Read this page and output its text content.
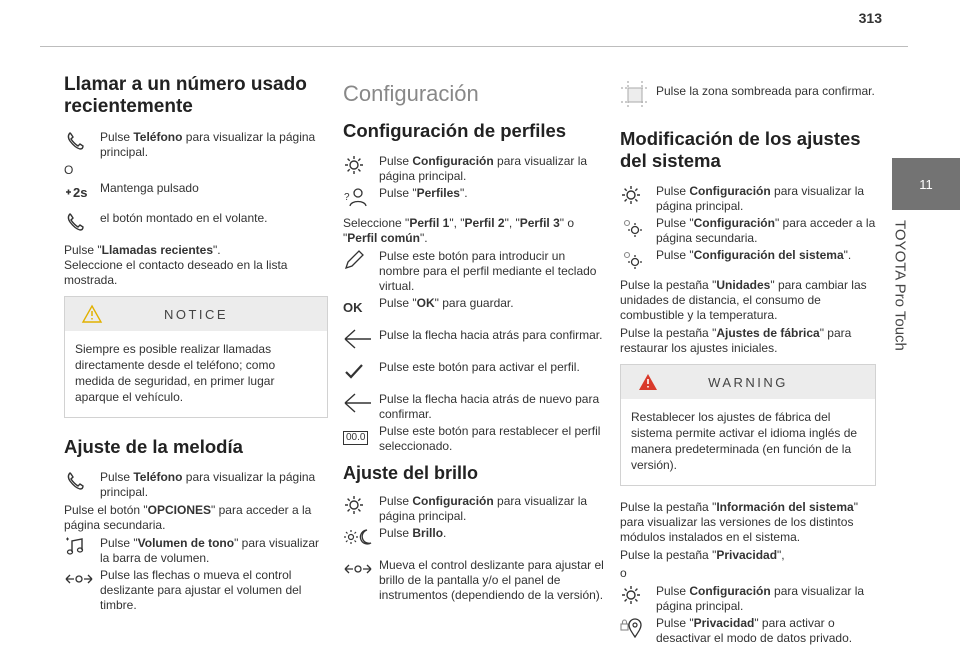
313
11
TOYOTA Pro Touch
Llamar a un número usado recientemente
Pulse Teléfono para visualizar la página principal.
O
2s Mantenga pulsado
el botón montado en el volante.
Pulse "Llamadas recientes".
Seleccione el contacto deseado en la lista mostrada.
NOTICE
Siempre es posible realizar llamadas directamente desde el teléfono; como medida de seguridad, en primer lugar aparque el vehículo.
Ajuste de la melodía
Pulse Teléfono para visualizar la página principal.
Pulse el botón "OPCIONES" para acceder a la página secundaria.
Pulse "Volumen de tono" para visualizar la barra de volumen.
Pulse las flechas o mueva el control deslizante para ajustar el volumen del timbre.
Configuración
Configuración de perfiles
Pulse Configuración para visualizar la página principal.
? Pulse "Perfiles".
Seleccione "Perfil 1", "Perfil 2", "Perfil 3" o "Perfil común".
Pulse este botón para introducir un nombre para el perfil mediante el teclado virtual.
OK	Pulse "OK" para guardar.
Pulse la flecha hacia atrás para confirmar.
Pulse este botón para activar el perfil.
Pulse la flecha hacia atrás de nuevo para confirmar.
00.0 Pulse este botón para restablecer el perfil seleccionado.
Ajuste del brillo
Pulse Configuración para visualizar la página principal.
Pulse Brillo.
Mueva el control deslizante para ajustar el brillo de la pantalla y/o el panel de instrumentos (dependiendo de la versión).
Pulse la zona sombreada para confirmar.
Modificación de los ajustes del sistema
Pulse Configuración para visualizar la página principal.
Pulse "Configuración" para acceder a la página secundaria.
Pulse "Configuración del sistema".
Pulse la pestaña "Unidades" para cambiar las unidades de distancia, el consumo de combustible y la temperatura.
Pulse la pestaña "Ajustes de fábrica" para restaurar los ajustes iniciales.
WARNING
Restablecer los ajustes de fábrica del sistema permite activar el idioma inglés de manera predeterminada (en función de la versión).
Pulse la pestaña "Información del sistema" para visualizar las versiones de los distintos módulos instalados en el sistema.
Pulse la pestaña "Privacidad",
o
Pulse Configuración para visualizar la página principal.
Pulse "Privacidad" para activar o desactivar el modo de datos privado.
